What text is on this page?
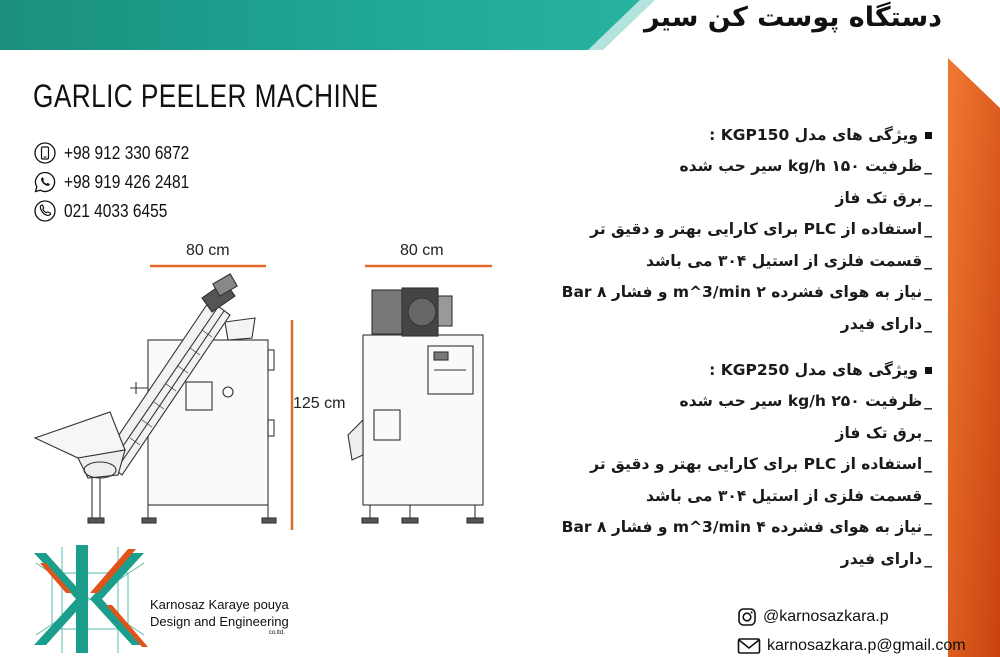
دستگاه پوست کن سیر
GARLIC PEELER MACHINE
+98 912 330 6872
+98 919 426 2481
021 4033 6455
80 cm	80 cm
125 cm
ویژگی های مدل KGP150 :
_ظرفیت ۱۵۰ kg/h سیر حب شده
_برق تک فاز
_استفاده از PLC برای کارایی بهتر و دقیق تر
_قسمت فلزی از استیل ۳۰۴ می باشد
_نیاز به هوای فشرده ۲ m^3/min و فشار ۸ Bar
_دارای فیدر
ویژگی های مدل KGP250 :
_ظرفیت ۲۵۰ kg/h سیر حب شده
_برق تک فاز
_استفاده از PLC برای کارایی بهتر و دقیق تر
_قسمت فلزی از استیل ۳۰۴ می باشد
_نیاز به هوای فشرده ۴ m^3/min و فشار ۸ Bar
_دارای فیدر
Karnosaz Karaye pouya
Design and Engineering
co.ltd.
@karnosazkara.p
karnosazkara.p@gmail.com
